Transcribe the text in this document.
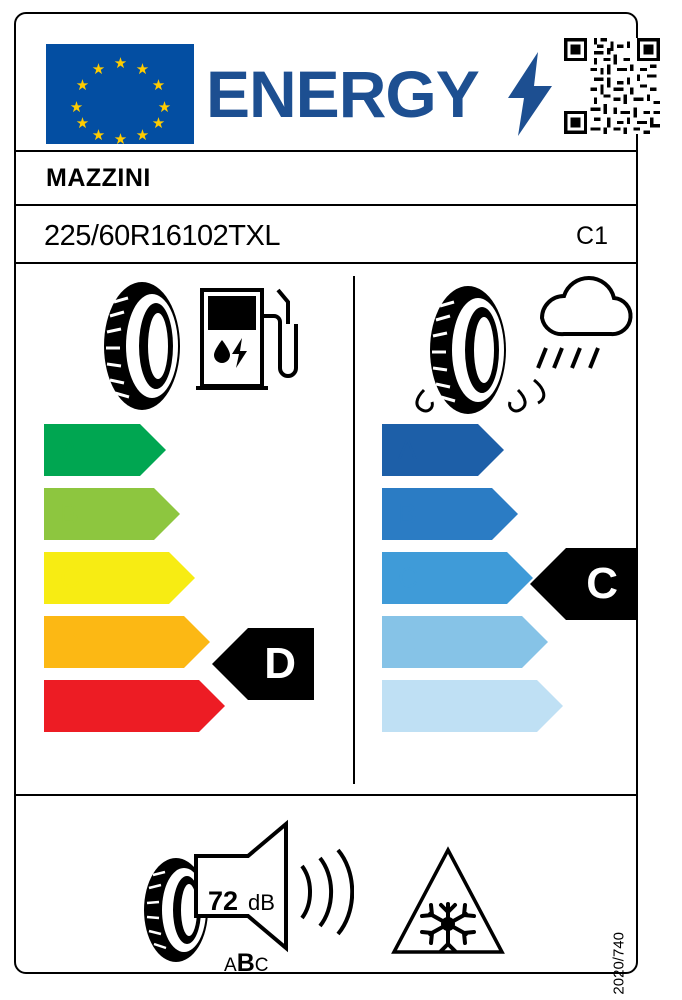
★ ★
★
★
★
★
★
★
★
★
★
★ ENERGY
MAZZINI
225/60R16102TXL	C1
A
B
C
D
E
D
A
B
C
D
E
C
72 dB
ABC	2020/740
